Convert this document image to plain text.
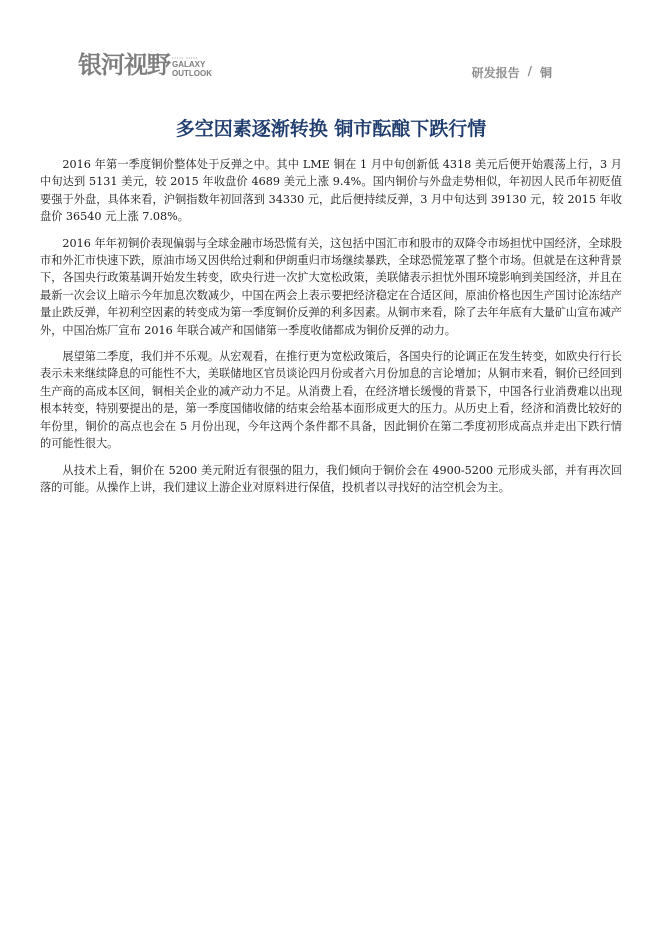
银河视野 ••••• •••••
GALAXY
OUTLOOK	研发报告 / 铜
多空因素逐渐转换 铜市酝酿下跌行情

2016 年第一季度铜价整体处于反弹之中。其中 LME 铜在 1 月中旬创新低 4318 美元后便开始震荡上行，3 月中旬达到 5131 美元，较 2015 年收盘价 4689 美元上涨 9.4%。国内铜价与外盘走势相似，年初因人民币年初贬值要强于外盘，具体来看，沪铜指数年初回落到 34330 元，此后便持续反弹，3 月中旬达到 39130 元，较 2015 年收盘价 36540 元上涨 7.08%。

2016 年年初铜价表现偏弱与全球金融市场恐慌有关，这包括中国汇市和股市的双降令市场担忧中国经济，全球股市和外汇市快速下跌，原油市场又因供给过剩和伊朗重归市场继续暴跌，全球恐慌笼罩了整个市场。但就是在这种背景下，各国央行政策基调开始发生转变，欧央行进一次扩大宽松政策，美联储表示担忧外围环境影响到美国经济，并且在最新一次会议上暗示今年加息次数减少，中国在两会上表示要把经济稳定在合适区间，原油价格也因生产国讨论冻结产量止跌反弹，年初利空因素的转变成为第一季度铜价反弹的利多因素。从铜市来看，除了去年年底有大量矿山宣布减产外，中国冶炼厂宣布 2016 年联合减产和国储第一季度收储都成为铜价反弹的动力。

展望第二季度，我们并不乐观。从宏观看，在推行更为宽松政策后，各国央行的论调正在发生转变，如欧央行行长表示未来继续降息的可能性不大，美联储地区官员谈论四月份或者六月份加息的言论增加；从铜市来看，铜价已经回到生产商的高成本区间，铜相关企业的减产动力不足。从消费上看，在经济增长缓慢的背景下，中国各行业消费难以出现根本转变，特别要提出的是，第一季度国储收储的结束会给基本面形成更大的压力。从历史上看，经济和消费比较好的年份里，铜价的高点也会在 5 月份出现，今年这两个条件都不具备，因此铜价在第二季度初形成高点并走出下跌行情的可能性很大。

从技术上看，铜价在 5200 美元附近有很强的阻力，我们倾向于铜价会在 4900-5200 元形成头部，并有再次回落的可能。从操作上讲，我们建议上游企业对原料进行保值，投机者以寻找好的沽空机会为主。
